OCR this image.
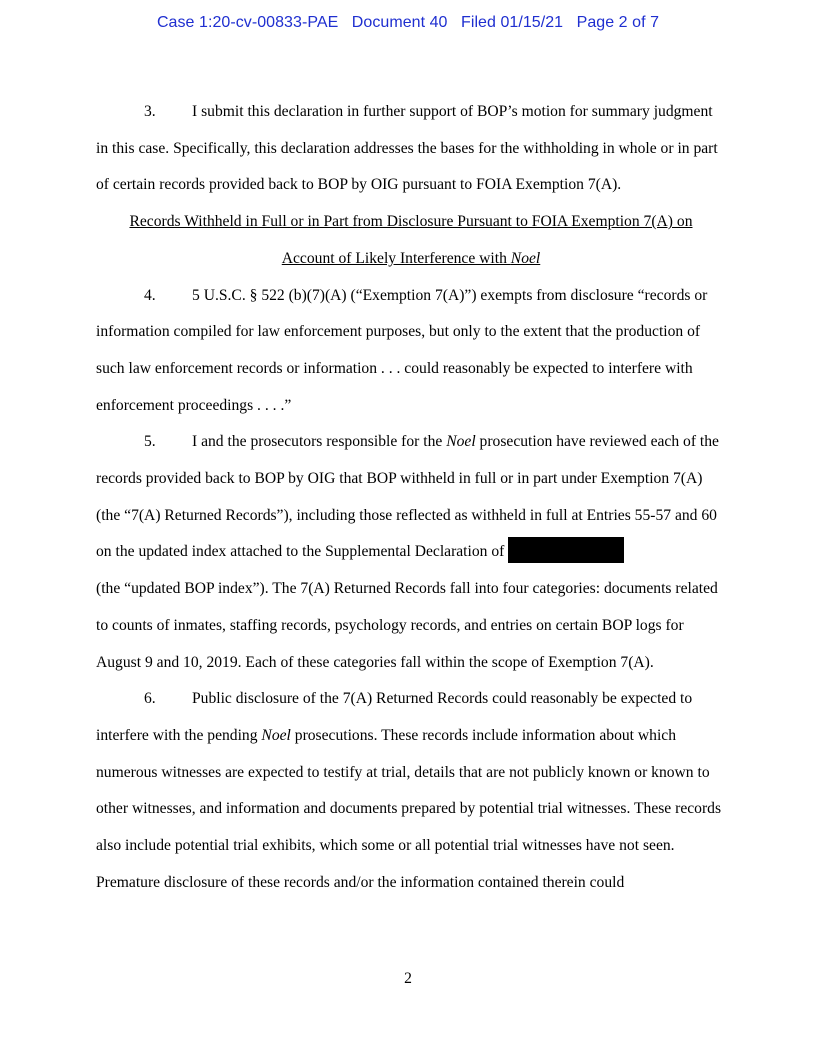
Case 1:20-cv-00833-PAE Document 40 Filed 01/15/21 Page 2 of 7

3. I submit this declaration in further support of BOP’s motion for summary judgment in this case. Specifically, this declaration addresses the bases for the withholding in whole or in part of certain records provided back to BOP by OIG pursuant to FOIA Exemption 7(A).

Records Withheld in Full or in Part from Disclosure Pursuant to FOIA Exemption 7(A) on
Account of Likely Interference with Noel

4. 5 U.S.C. § 522 (b)(7)(A) (“Exemption 7(A)”) exempts from disclosure “records or information compiled for law enforcement purposes, but only to the extent that the production of such law enforcement records or information . . . could reasonably be expected to interfere with enforcement proceedings . . . .”

5. I and the prosecutors responsible for the Noel prosecution have reviewed each of the records provided back to BOP by OIG that BOP withheld in full or in part under Exemption 7(A) (the “7(A) Returned Records”), including those reflected as withheld in full at Entries 55-57 and 60 on the updated index attached to the Supplemental Declaration of
(the “updated BOP index”). The 7(A) Returned Records fall into four categories: documents related to counts of inmates, staffing records, psychology records, and entries on certain BOP logs for August 9 and 10, 2019. Each of these categories fall within the scope of Exemption 7(A).

6. Public disclosure of the 7(A) Returned Records could reasonably be expected to interfere with the pending Noel prosecutions. These records include information about which numerous witnesses are expected to testify at trial, details that are not publicly known or known to other witnesses, and information and documents prepared by potential trial witnesses. These records also include potential trial exhibits, which some or all potential trial witnesses have not seen. Premature disclosure of these records and/or the information contained therein could

2
